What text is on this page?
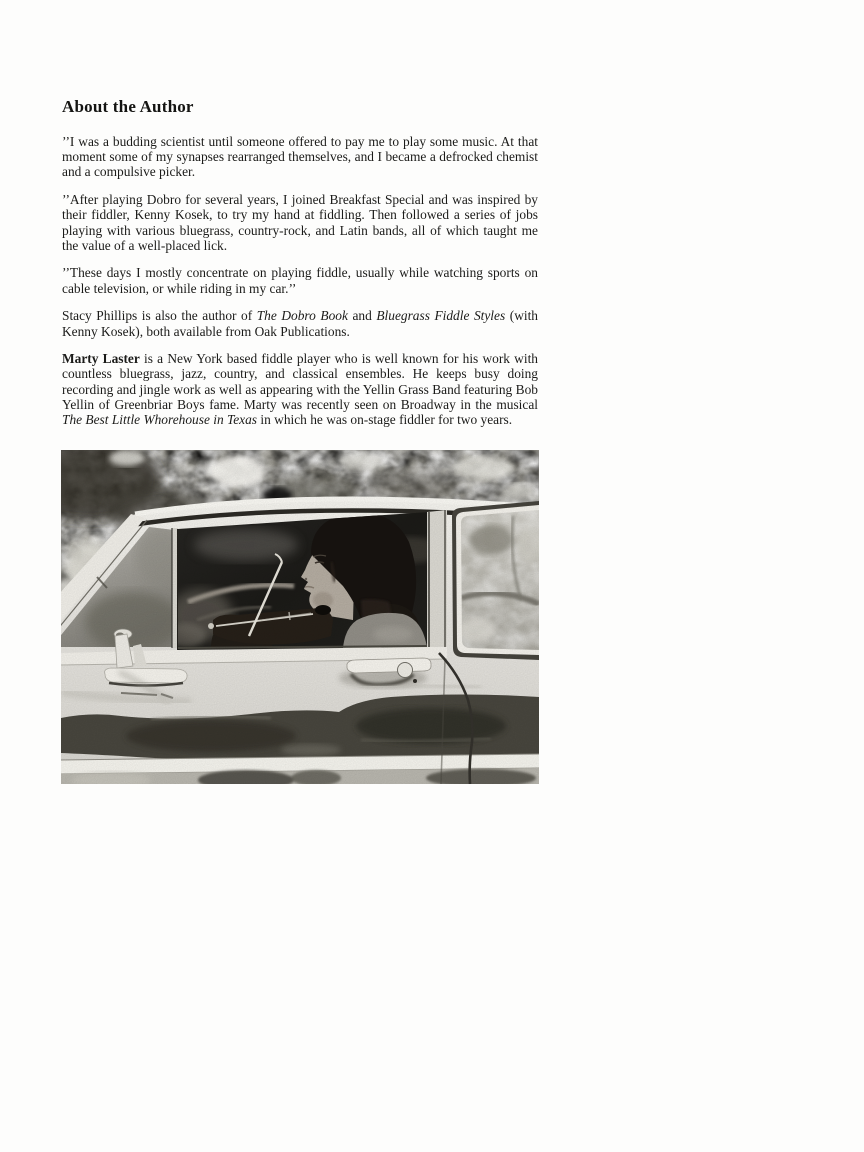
About the Author

’’I was a budding scientist until someone offered to pay me to play some music. At that moment some of my synapses rearranged themselves, and I became a defrocked chemist and a compulsive picker.

’’After playing Dobro for several years, I joined Breakfast Special and was inspired by their fiddler, Kenny Kosek, to try my hand at fiddling. Then followed a series of jobs playing with various bluegrass, country-rock, and Latin bands, all of which taught me the value of a well-placed lick.

’’These days I mostly concentrate on playing fiddle, usually while watching sports on cable television, or while riding in my car.’’

Stacy Phillips is also the author of The Dobro Book and Bluegrass Fiddle Styles (with Kenny Kosek), both available from Oak Publications.

Marty Laster is a New York based fiddle player who is well known for his work with countless bluegrass, jazz, country, and classical ensembles. He keeps busy doing recording and jingle work as well as appearing with the Yellin Grass Band featuring Bob Yellin of Greenbriar Boys fame. Marty was recently seen on Broadway in the musical The Best Little Whorehouse in Texas in which he was on-stage fiddler for two years.
